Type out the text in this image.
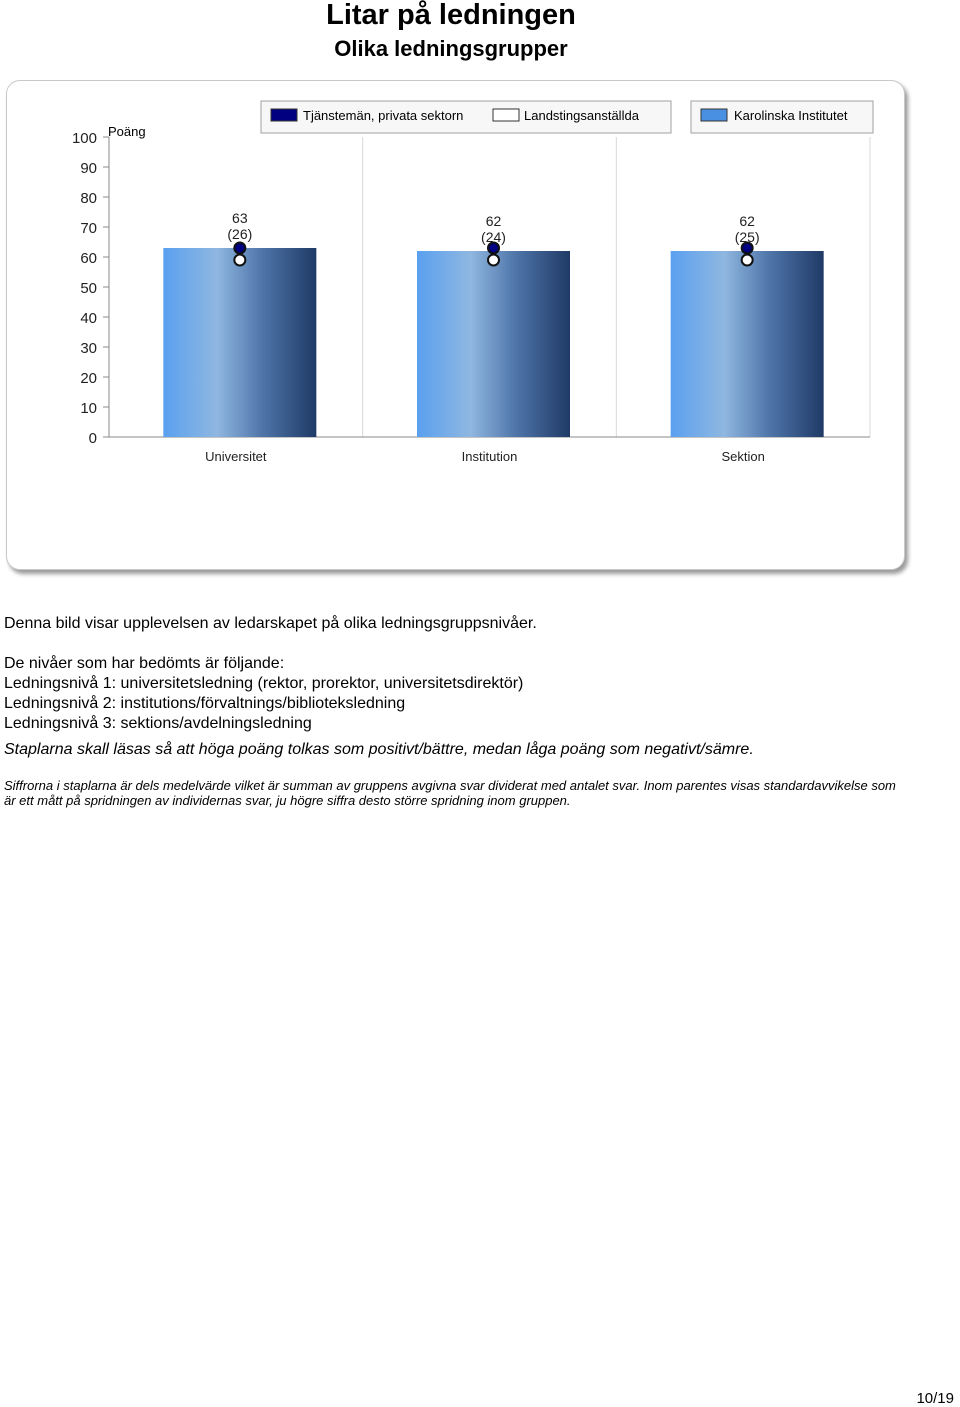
Litar på ledningen
Olika ledningsgrupper
Tjänstemän, privata sektorn	Landstingsanställda	Karolinska Institutet
Poäng
0
10
20
30
40
50
60
70
80
90
100
63
(26)
Universitet
62
(24)
Institution
62
(25)
Sektion
Denna bild visar upplevelsen av ledarskapet på olika ledningsgruppsnivåer.
De nivåer som har bedömts är följande:
Ledningsnivå 1: universitetsledning (rektor, prorektor, universitetsdirektör)
Ledningsnivå 2: institutions/förvaltnings/biblioteksledning
Ledningsnivå 3: sektions/avdelningsledning
Staplarna skall läsas så att höga poäng tolkas som positivt/bättre, medan låga poäng som negativt/sämre.
Siffrorna i staplarna är dels medelvärde vilket är summan av gruppens avgivna svar dividerat med antalet svar. Inom parentes visas standardavvikelse som är ett mått på spridningen av individernas svar, ju högre siffra desto större spridning inom gruppen.
10/19
